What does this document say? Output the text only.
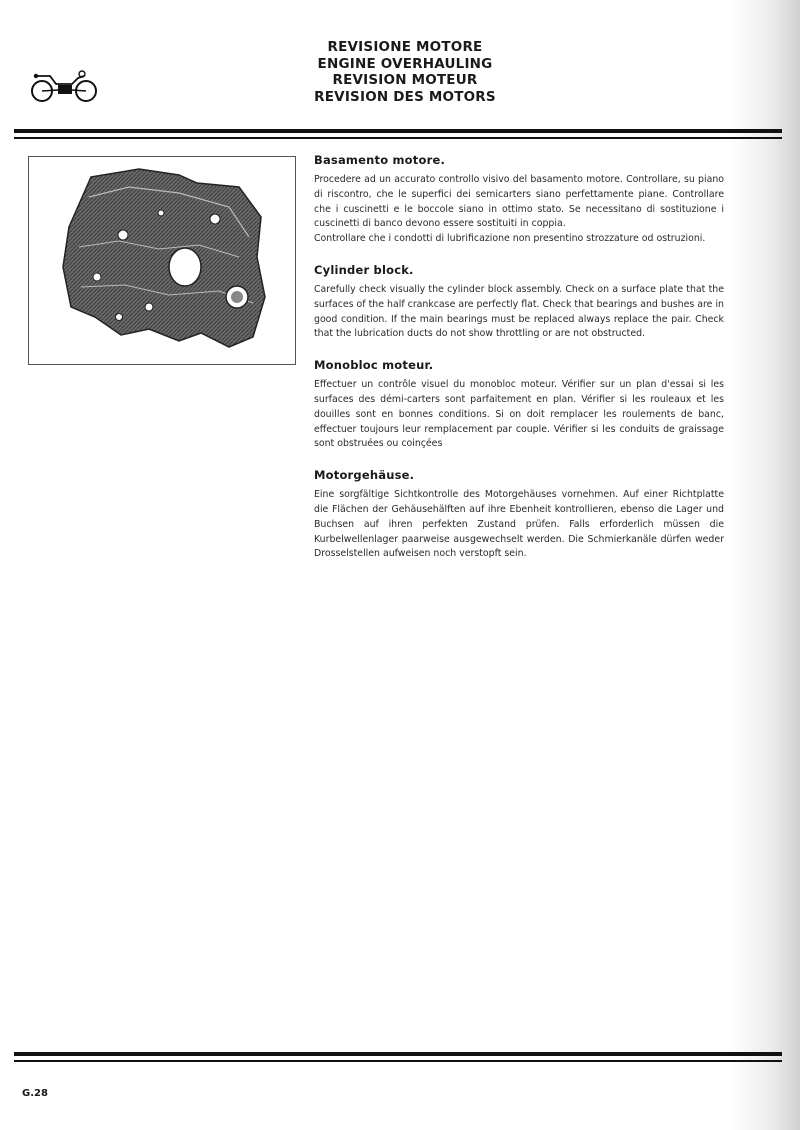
REVISIONE MOTORE
ENGINE OVERHAULING
REVISION MOTEUR
REVISION DES MOTORS

Basamento motore.

Procedere ad un accurato controllo visivo del basamento motore. Controllare, su piano di riscontro, che le superfici dei semicarters siano perfettamente piane. Controllare che i cuscinetti e le boccole siano in ottimo stato. Se necessitano di sostituzione i cuscinetti di banco devono essere sostituiti in coppia.

Controllare che i condotti di lubrificazione non presentino strozzature od ostruzioni.

Cylinder block.

Carefully check visually the cylinder block assembly. Check on a surface plate that the surfaces of the half crankcase are perfectly flat. Check that bearings and bushes are in good condition. If the main bearings must be replaced always replace the pair. Check that the lubrication ducts do not show throttling or are not obstructed.

Monobloc moteur.

Effectuer un contrôle visuel du monobloc moteur. Vérifier sur un plan d'essai si les surfaces des démi-carters sont parfaitement en plan. Vérifier si les rouleaux et les douilles sont en bonnes conditions. Si on doit remplacer les roulements de banc, effectuer toujours leur remplacement par couple. Vérifier si les conduits de graissage sont obstruées ou coinçées

Motorgehäuse.

Eine sorgfältige Sichtkontrolle des Motorgehäuses vornehmen. Auf einer Richtplatte die Flächen der Gehäusehälften auf ihre Ebenheit kontrollieren, ebenso die Lager und Buchsen auf ihren perfekten Zustand prüfen. Falls erforderlich müssen die Kurbelwellenlager paarweise ausgewechselt werden. Die Schmierkanäle dürfen weder Drosselstellen aufweisen noch verstopft sein.

G.28
